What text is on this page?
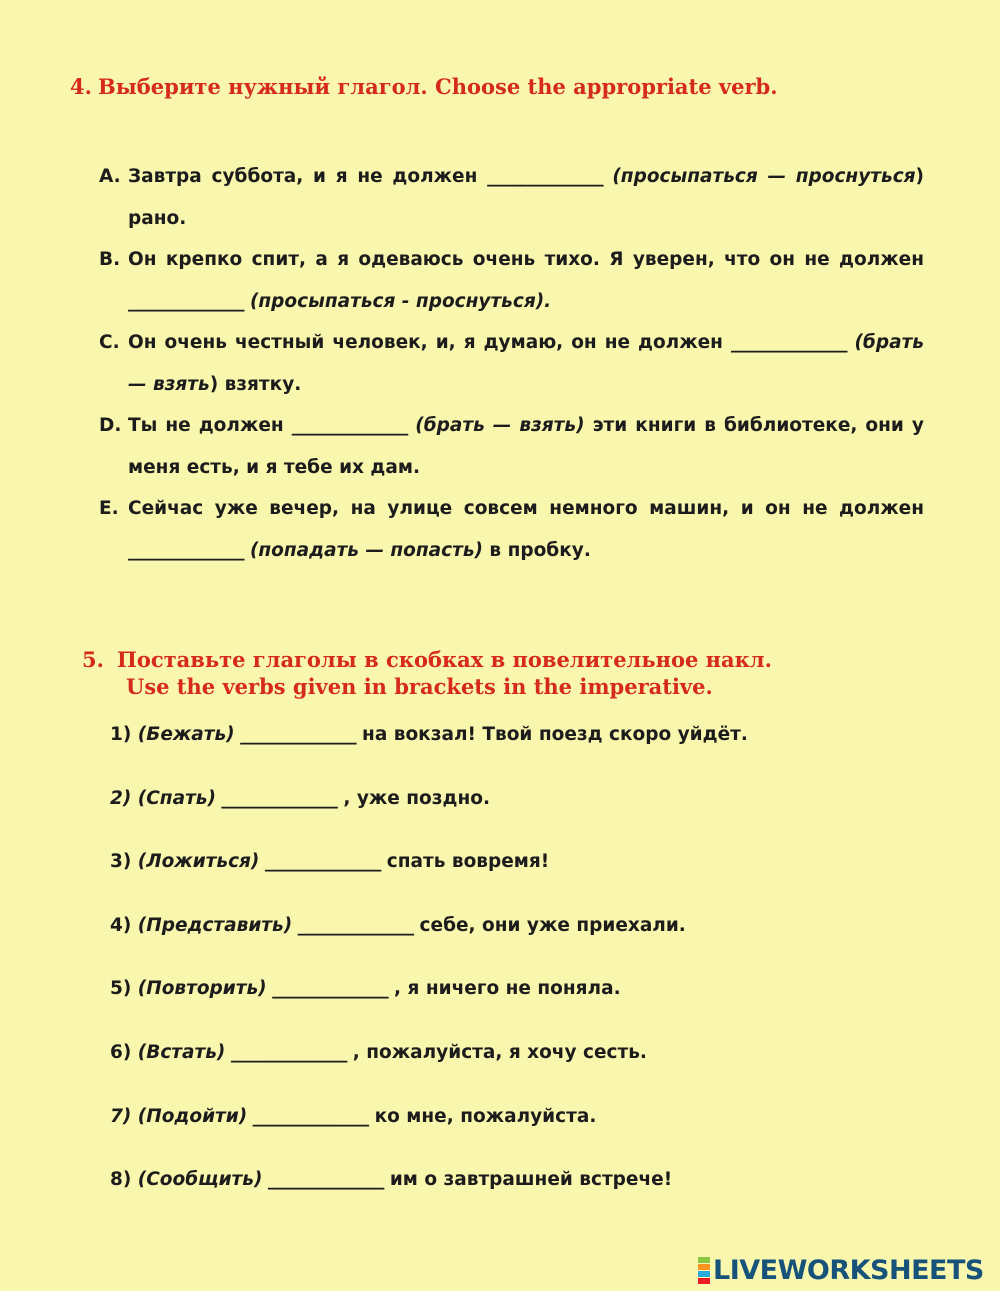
4. Выберите нужный глагол. Choose the appropriate verb.
A. Завтра суббота, и я не должен ______________ (просыпаться — проснуться) рано.
B. Он крепко спит, а я одеваюсь очень тихо. Я уверен, что он не должен ______________ (просыпаться - проснуться).
C. Он очень честный человек, и, я думаю, он не должен ______________ (брать — взять) взятку.
D. Ты не должен ______________ (брать — взять) эти книги в библиотеке, они у меня есть, и я тебе их дам.
E. Сейчас уже вечер, на улице совсем немного машин, и он не должен ______________ (попадать — попасть) в пробку.
5. Поставьте глаголы в скобках в повелительное накл.
Use the verbs given in brackets in the imperative.
1) (Бежать) ______________ на вокзал! Твой поезд скоро уйдёт.
2) (Спать) ______________ , уже поздно.
3) (Ложиться) ______________ спать вовремя!
4) (Представить) ______________ себе, они уже приехали.
5) (Повторить) ______________ , я ничего не поняла.
6) (Встать) ______________ , пожалуйста, я хочу сесть.
7) (Подойти) ______________ ко мне, пожалуйста.
8) (Сообщить) ______________ им о завтрашней встрече!
LIVEWORKSHEETS
